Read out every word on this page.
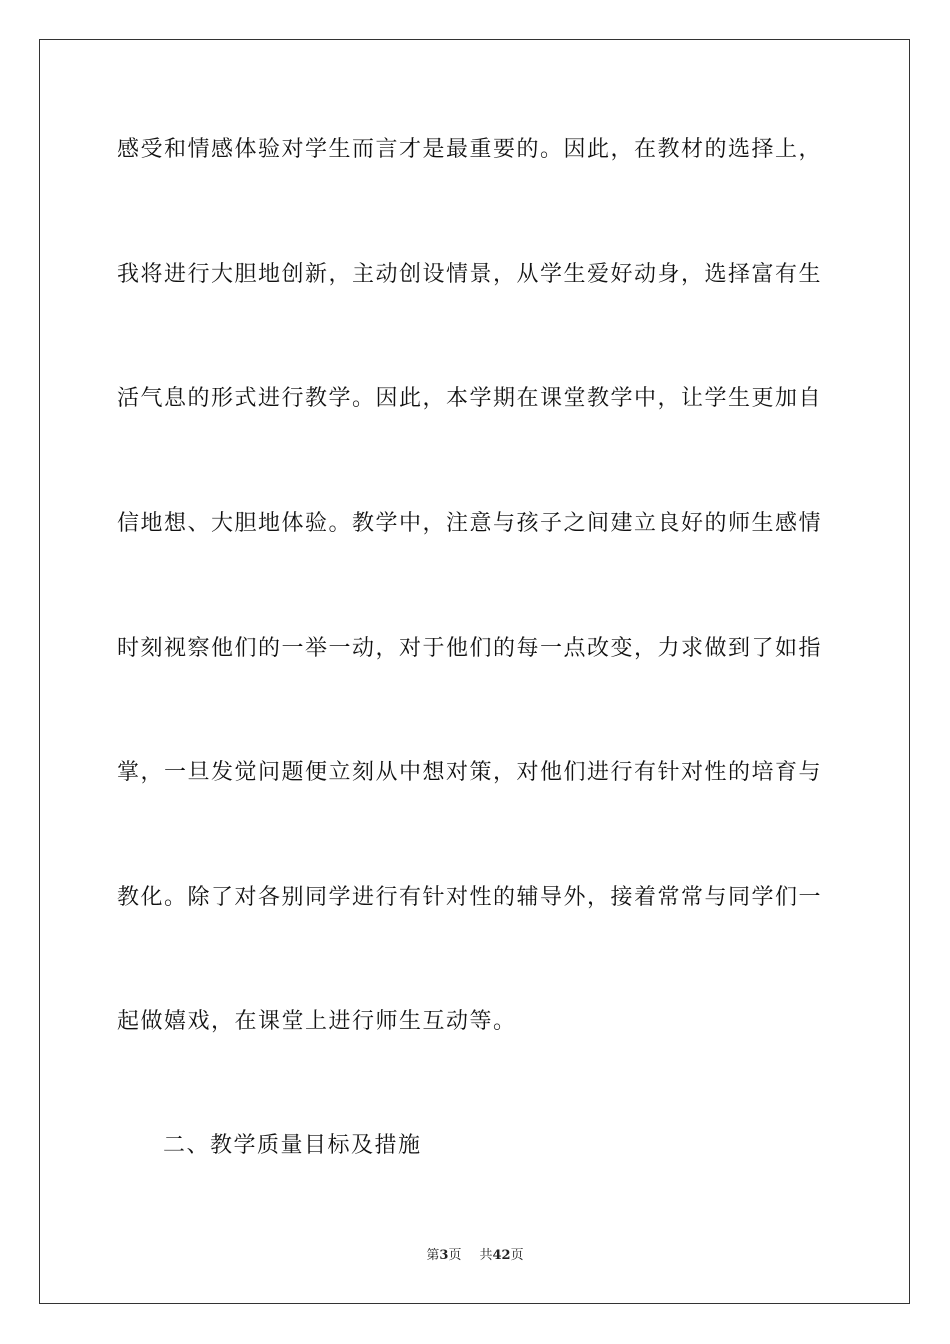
感受和情感体验对学生而言才是最重要的。因此，在教材的选择上，
我将进行大胆地创新，主动创设情景，从学生爱好动身，选择富有生
活气息的形式进行教学。因此，本学期在课堂教学中，让学生更加自
信地想、大胆地体验。教学中，注意与孩子之间建立良好的师生感情
时刻视察他们的一举一动，对于他们的每一点改变，力求做到了如指
掌，一旦发觉问题便立刻从中想对策，对他们进行有针对性的培育与
教化。除了对各别同学进行有针对性的辅导外，接着常常与同学们一
起做嬉戏，在课堂上进行师生互动等。
二、教学质量目标及措施
第3页 共42页
